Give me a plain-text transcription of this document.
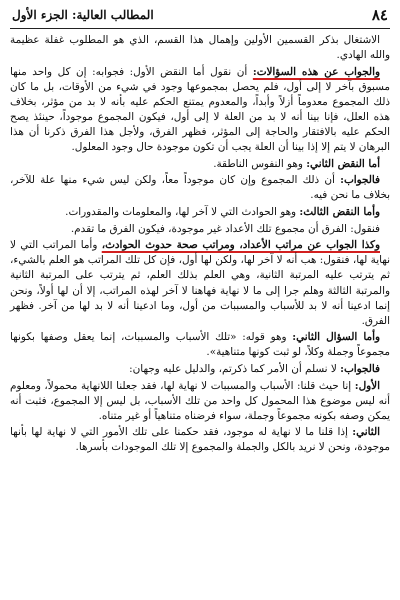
٨٤
المطالب العالية: الجزء الأول

الاشتغال بذكر القسمين الأولين وإهمال هذا القسم، الذي هو المطلوب غفلة عظيمة والله الهادي.

والجواب عن هذه السؤالات: أن نقول أما النقض الأول: فجوابه: إن كل واحد منها مسبوق بآخر لا إلى أول، فلم يحصل بمجموعها وجود في شيء من الأوقات، بل ما كان ذلك المجموع معدوماً أزلاً وأبداً، والمعدوم يمتنع الحكم عليه بأنه لا بد من مؤثر، بخلاف هذه العلل، فإنا بينا أنه لا بد من العلة لا إلى أول، فيكون المجموع موجوداً، حينئذ يصح الحكم عليه بالافتقار والحاجة إلى المؤثر، فظهر الفرق، ولأجل هذا الفرق ذكرنا أن هذا البرهان لا يتم إلا إذا بينا أن العلة يجب أن تكون موجودة حال وجود المعلول.

أما النقض الثاني: وهو النفوس الناطقة.

فالجواب: أن ذلك المجموع وإن كان موجوداً معاً، ولكن ليس شيء منها علة للآخر، بخلاف ما نحن فيه.

وأما النقض الثالث: وهو الحوادث التي لا آخر لها، والمعلومات والمقدورات.

فنقول: الفرق أن مجموع تلك الأعداد غير موجودة، فيكون الفرق ما تقدم.

وكذا الجواب عن مراتب الأعداد، ومراتب صحة حدوث الحوادث، وأما المراتب التي لا نهاية لها، فنقول: هب أنه لا آخر لها، ولكن لها أول، فإن كل تلك المراتب هو العلم بالشيء، ثم يترتب عليه المرتبة الثانية، وهي العلم بذلك العلم، ثم يترتب على المرتبة الثانية والمرتبة الثالثة وهلم جرا إلى ما لا نهاية فهاهنا لا آخر لهذه المراتب، إلا أن لها أولاً، ونحن إنما ادعينا أنه لا بد للأسباب والمسببات من أول، وما ادعينا أنه لا بد لها من آخر. فظهر الفرق.

وأما السؤال الثاني: وهو قوله: «تلك الأسباب والمسببات، إنما يعقل وصفها بكونها مجموعاً وجملة وكلاً، لو ثبت كونها متناهية».

فالجواب: لا نسلم أن الأمر كما ذكرتم، والدليل عليه وجهان:

الأول: إنا حيث قلنا: الأسباب والمسببات لا نهاية لها، فقد جعلنا اللانهاية محمولاً، ومعلوم أنه ليس موضوع هذا المحمول كل واحد من تلك الأسباب، بل ليس إلا المجموع، فثبت أنه يمكن وصفه بكونه مجموعاً وجملة، سواء فرضناه متناهياً أو غير متناه.

الثاني: إذا قلنا ما لا نهاية له موجود، فقد حكمنا على تلك الأمور التي لا نهاية لها بأنها موجودة، ونحن لا نريد بالكل والجملة والمجموع إلا تلك الموجودات بأسرها.
